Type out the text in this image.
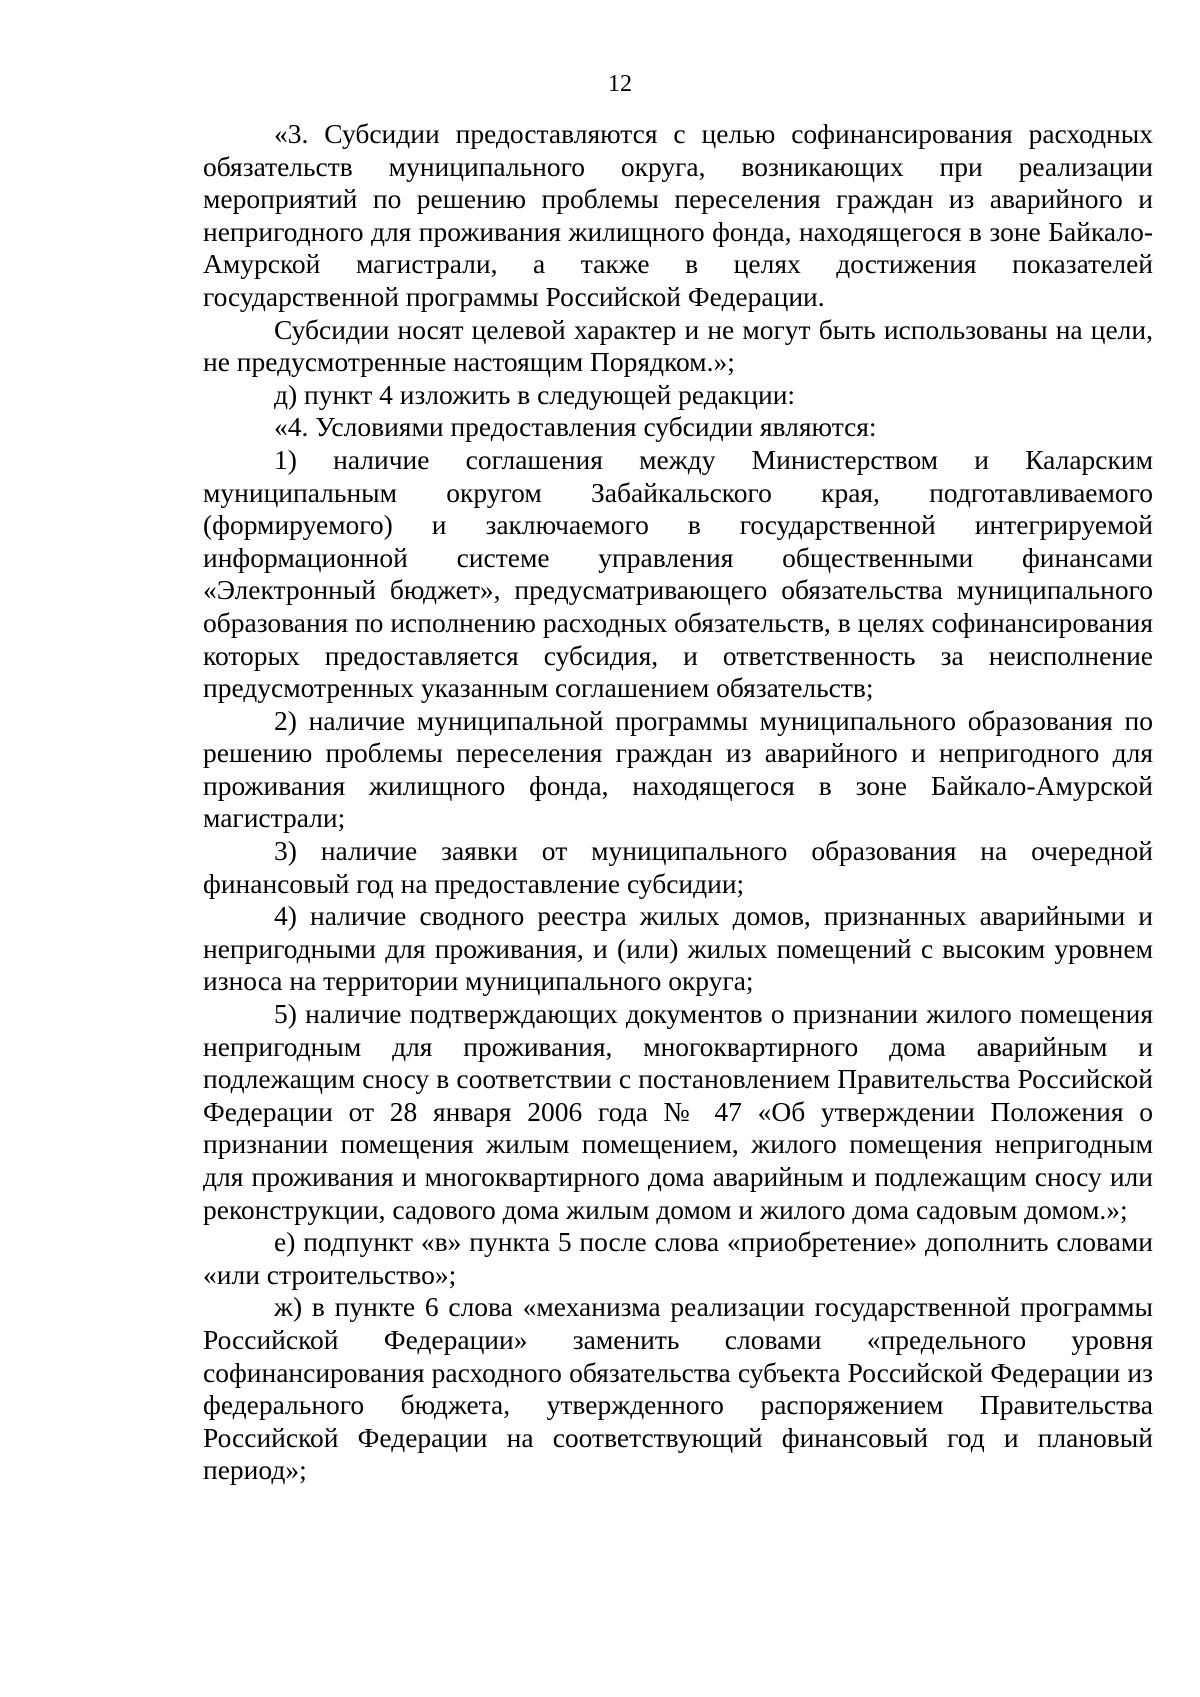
12

«3. Субсидии предоставляются с целью софинансирования расходных обязательств муниципального округа, возникающих при реализации мероприятий по решению проблемы переселения граждан из аварийного и непригодного для проживания жилищного фонда, находящегося в зоне Байкало-Амурской магистрали, а также в целях достижения показателей государственной программы Российской Федерации.

Субсидии носят целевой характер и не могут быть использованы на цели, не предусмотренные настоящим Порядком.»;

д) пункт 4 изложить в следующей редакции:

«4. Условиями предоставления субсидии являются:

1) наличие соглашения между Министерством и Каларским муниципальным округом Забайкальского края, подготавливаемого (формируемого) и заключаемого в государственной интегрируемой информационной системе управления общественными финансами «Электронный бюджет», предусматривающего обязательства муниципального образования по исполнению расходных обязательств, в целях софинансирования которых предоставляется субсидия, и ответственность за неисполнение предусмотренных указанным соглашением обязательств;

2) наличие муниципальной программы муниципального образования по решению проблемы переселения граждан из аварийного и непригодного для проживания жилищного фонда, находящегося в зоне Байкало-Амурской магистрали;

3) наличие заявки от муниципального образования на очередной финансовый год на предоставление субсидии;

4) наличие сводного реестра жилых домов, признанных аварийными и непригодными для проживания, и (или) жилых помещений с высоким уровнем износа на территории муниципального округа;

5) наличие подтверждающих документов о признании жилого помещения непригодным для проживания, многоквартирного дома аварийным и подлежащим сносу в соответствии с постановлением Правительства Российской Федерации от 28 января 2006 года № 47 «Об утверждении Положения о признании помещения жилым помещением, жилого помещения непригодным для проживания и многоквартирного дома аварийным и подлежащим сносу или реконструкции, садового дома жилым домом и жилого дома садовым домом.»;

е) подпункт «в» пункта 5 после слова «приобретение» дополнить словами «или строительство»;

ж) в пункте 6 слова «механизма реализации государственной программы Российской Федерации» заменить словами «предельного уровня софинансирования расходного обязательства субъекта Российской Федерации из федерального бюджета, утвержденного распоряжением Правительства Российской Федерации на соответствующий финансовый год и плановый период»;
